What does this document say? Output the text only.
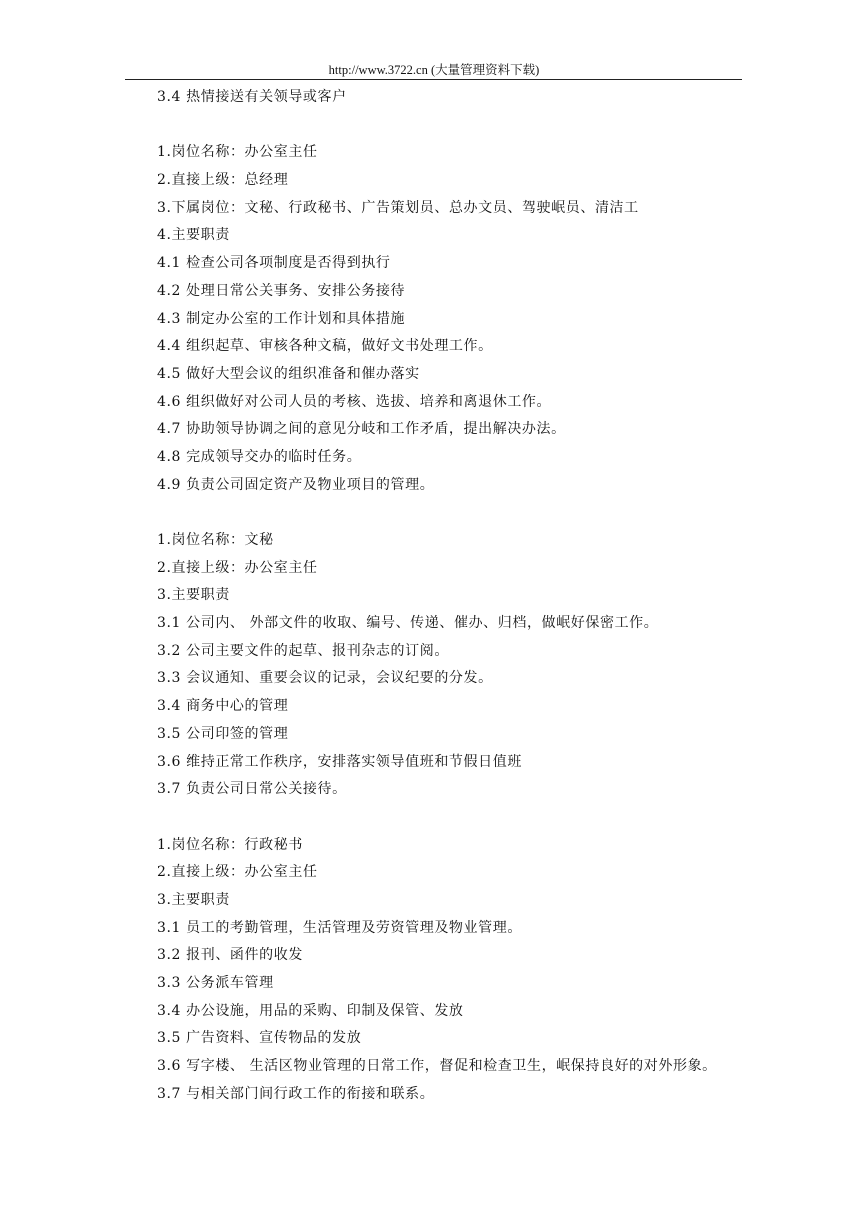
http://www.3722.cn (大量管理资料下载)
3.4 热情接送有关领导或客户
1.岗位名称：办公室主任
2.直接上级：总经理
3.下属岗位：文秘、行政秘书、广告策划员、总办文员、驾驶岷员、清洁工
4.主要职责
4.1 检查公司各项制度是否得到执行
4.2 处理日常公关事务、安排公务接待
4.3 制定办公室的工作计划和具体措施
4.4 组织起草、审核各种文稿，做好文书处理工作。
4.5 做好大型会议的组织准备和催办落实
4.6 组织做好对公司人员的考核、选拔、培养和离退休工作。
4.7 协助领导协调之间的意见分岐和工作矛盾，提出解决办法。
4.8 完成领导交办的临时任务。
4.9 负责公司固定资产及物业项目的管理。
1.岗位名称：文秘
2.直接上级：办公室主任
3.主要职责
3.1 公司内、 外部文件的收取、编号、传递、催办、归档，做岷好保密工作。
3.2 公司主要文件的起草、报刊杂志的订阅。
3.3 会议通知、重要会议的记录，会议纪要的分发。
3.4 商务中心的管理
3.5 公司印签的管理
3.6 维持正常工作秩序，安排落实领导值班和节假日值班
3.7 负责公司日常公关接待。
1.岗位名称：行政秘书
2.直接上级：办公室主任
3.主要职责
3.1 员工的考勤管理，生活管理及劳资管理及物业管理。
3.2 报刊、函件的收发
3.3 公务派车管理
3.4 办公设施，用品的采购、印制及保管、发放
3.5 广告资料、宣传物品的发放
3.6 写字楼、 生活区物业管理的日常工作，督促和检查卫生，岷保持良好的对外形象。
3.7 与相关部门间行政工作的衔接和联系。
